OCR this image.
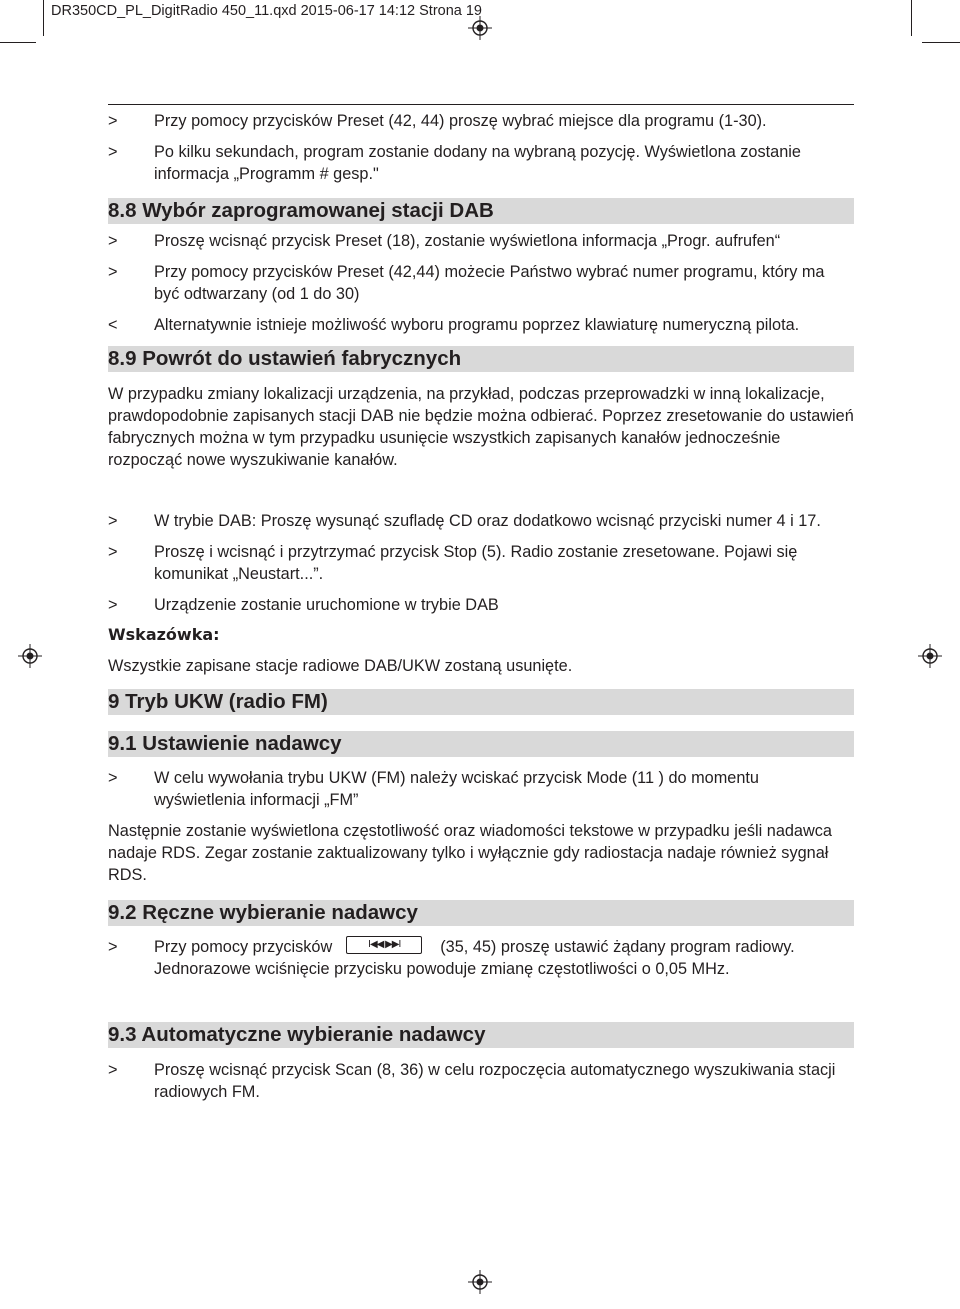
DR350CD_PL_DigitRadio 450_11.qxd 2015-06-17 14:12 Strona 19
> Przy pomocy przycisków Preset (42, 44) proszę wybrać miejsce dla programu (1-30).
> Po kilku sekundach, program zostanie dodany na wybraną pozycję. Wyświetlona zostanie informacja „Programm # gesp."
8.8 Wybór zaprogramowanej stacji DAB
> Proszę wcisnąć przycisk Preset (18), zostanie wyświetlona informacja „Progr. aufrufen“
> Przy pomocy przycisków Preset (42,44) możecie Państwo wybrać numer programu, który ma być odtwarzany (od 1 do 30)
< Alternatywnie istnieje możliwość wyboru programu poprzez klawiaturę numeryczną pilota.
8.9 Powrót do ustawień fabrycznych
W przypadku zmiany lokalizacji urządzenia, na przykład, podczas przeprowadzki w inną lokalizacje, prawdopodobnie zapisanych stacji DAB nie będzie można odbierać. Poprzez zresetowanie do ustawień fabrycznych można w tym przypadku usunięcie wszystkich zapisanych kanałów jednocześnie rozpocząć nowe wyszukiwanie kanałów.
> W trybie DAB: Proszę wysunąć szufladę CD oraz dodatkowo wcisnąć przyciski numer 4 i 17.
> Proszę i wcisnąć i przytrzymać przycisk Stop (5). Radio zostanie zresetowane. Pojawi się komunikat „Neustart...”.
> Urządzenie zostanie uruchomione w trybie DAB
Wskazówka:
Wszystkie zapisane stacje radiowe DAB/UKW zostaną usunięte.
9 Tryb UKW (radio FM)
9.1 Ustawienie nadawcy
> W celu wywołania trybu UKW (FM) należy wciskać przycisk Mode (11 ) do momentu wyświetlenia informacji „FM”
Następnie zostanie wyświetlona częstotliwość oraz wiadomości tekstowe w przypadku jeśli nadawca nadaje RDS. Zegar zostanie zaktualizowany tylko i wyłącznie gdy radiostacja nadaje również sygnał RDS.
9.2 Ręczne wybieranie nadawcy
> Przy pomocy przycisków	I◀◀ ▶▶I (35, 45) proszę ustawić żądany program radiowy. Jednorazowe wciśnięcie przycisku powoduje zmianę częstotliwości o 0,05 MHz.
9.3 Automatyczne wybieranie nadawcy
> Proszę wcisnąć przycisk Scan (8, 36) w celu rozpoczęcia automatycznego wyszukiwania stacji radiowych FM.
